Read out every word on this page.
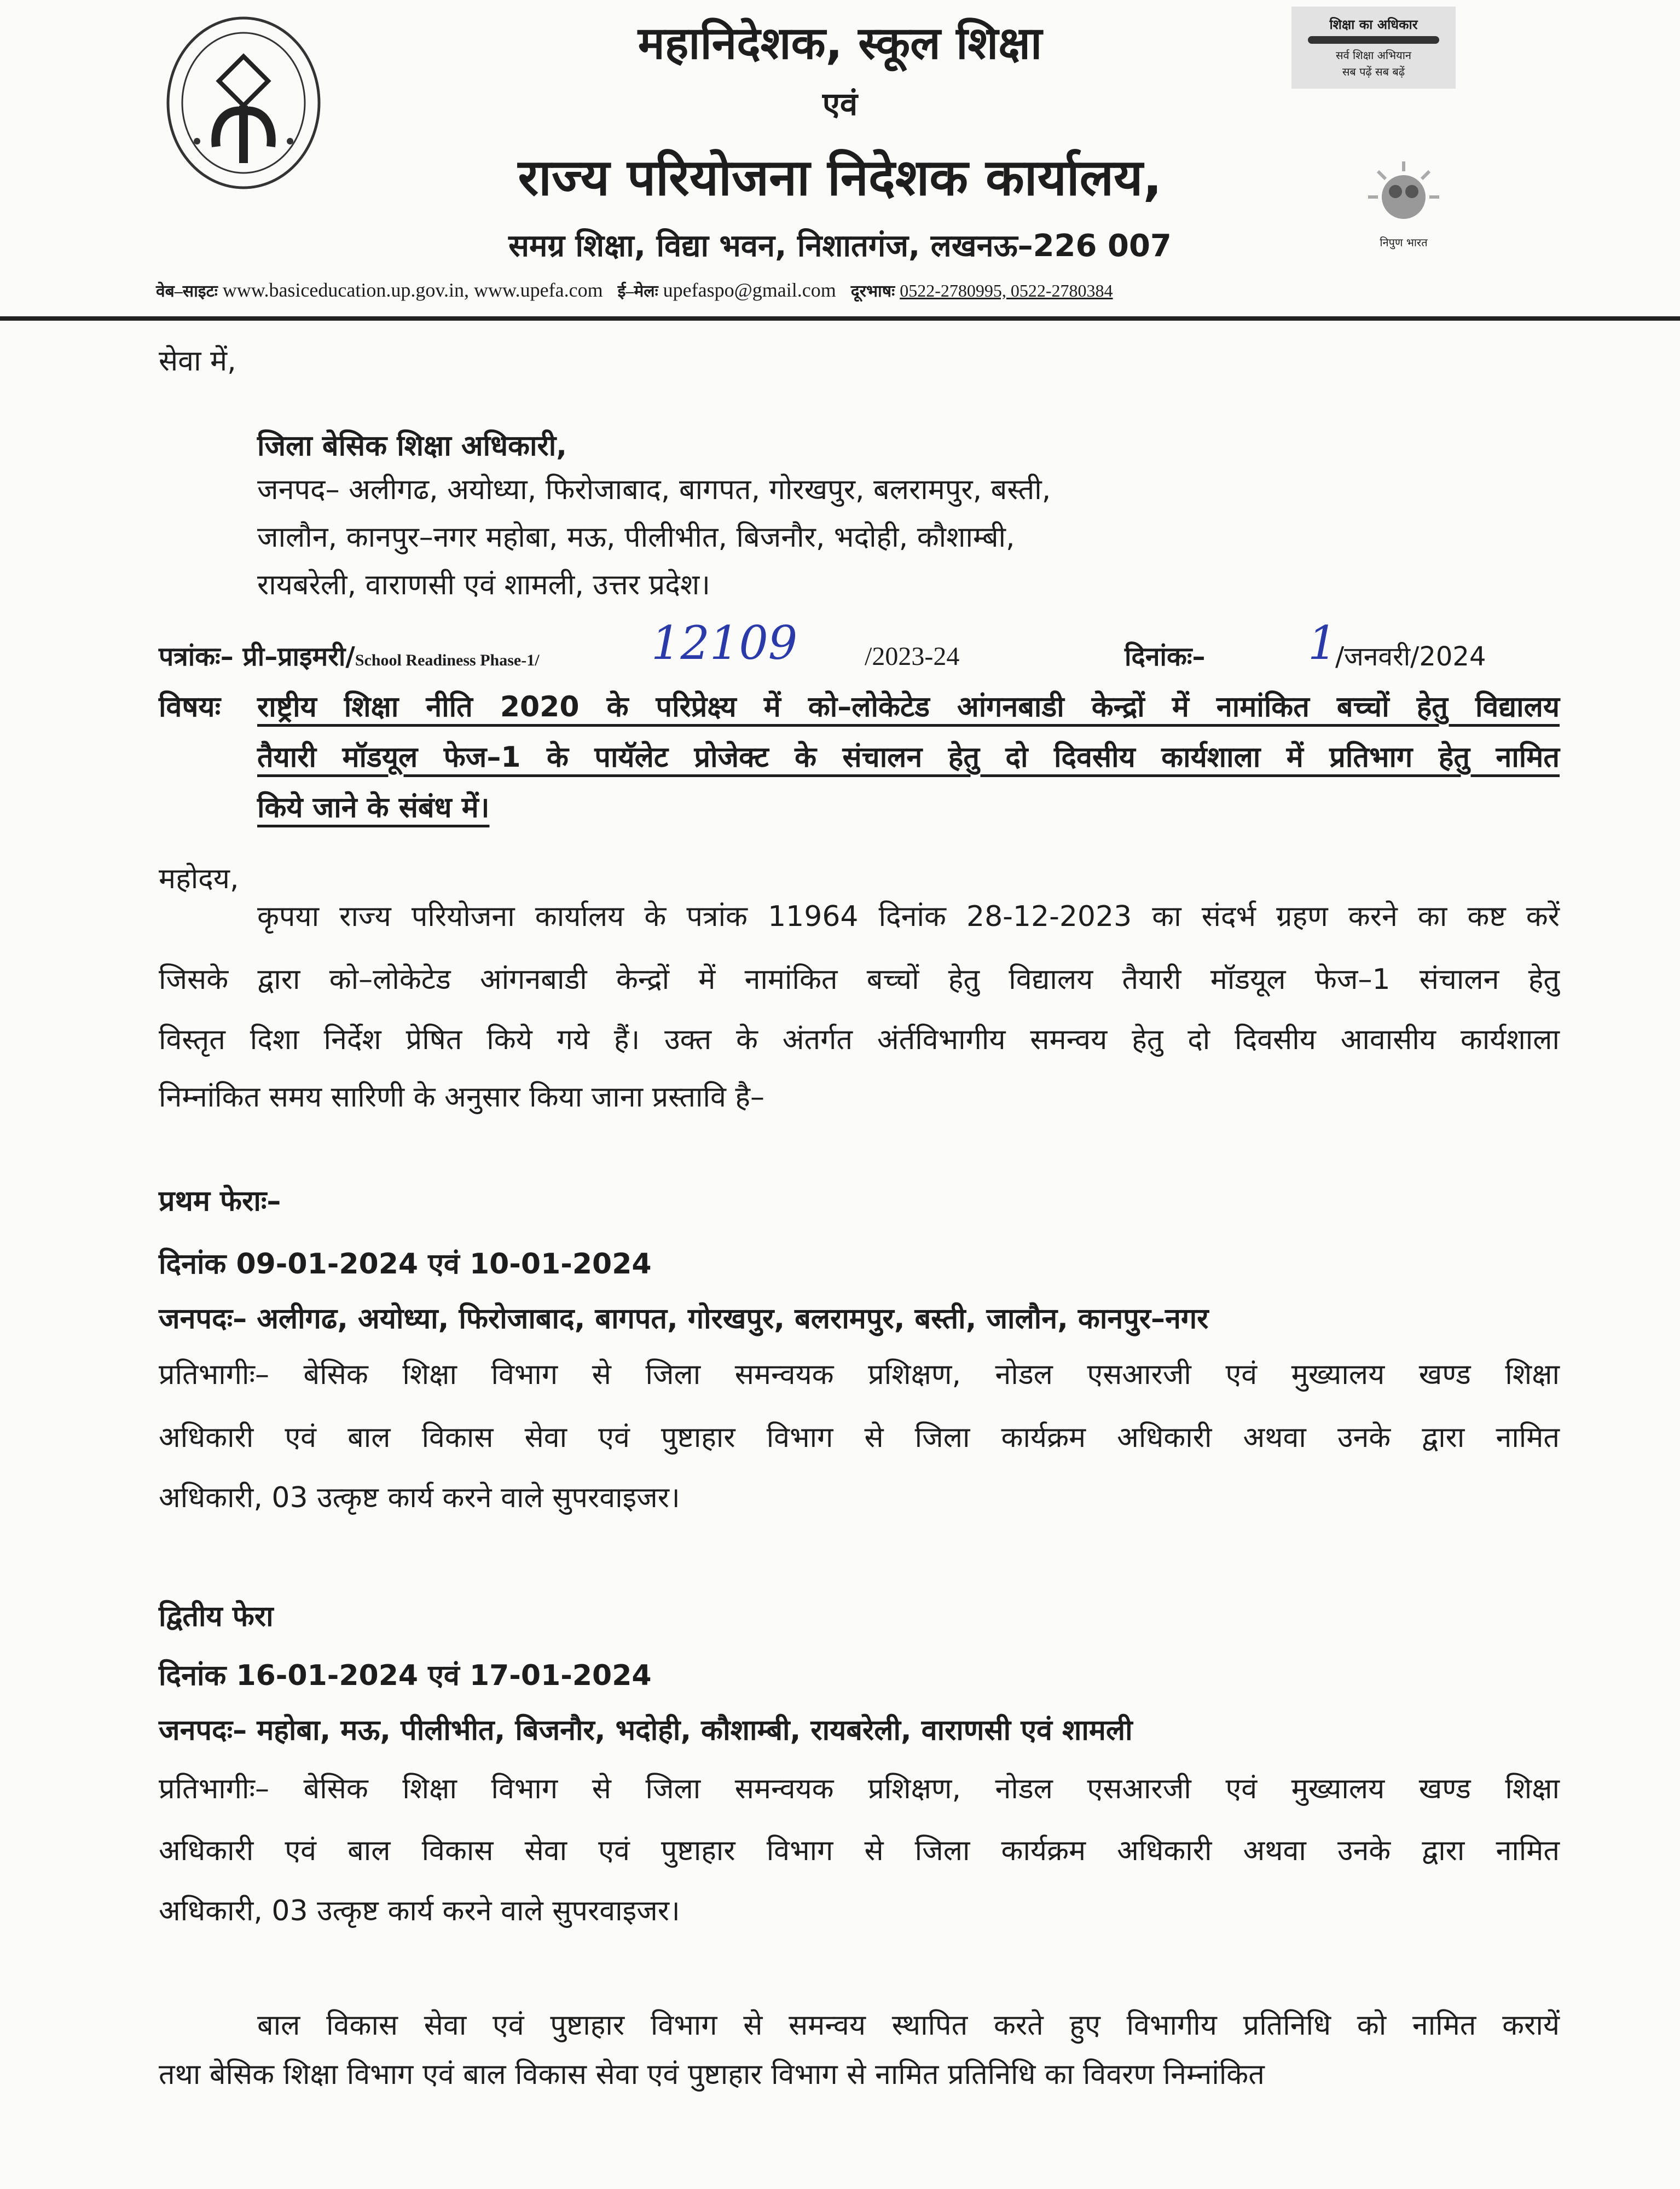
शिक्षा का अधिकार
सर्व शिक्षा अभियान
सब पढ़ें सब बढ़ें
निपुण भारत
महानिदेशक, स्कूल शिक्षा
एवं
राज्य परियोजना निदेशक कार्यालय,
समग्र शिक्षा, विद्या भवन, निशातगंज, लखनऊ–226 007
वेब–साइटः www.basiceducation.up.gov.in, www.upefa.com ई–मेलः upefaspo@gmail.com दूरभाषः 0522-2780995, 0522-2780384
सेवा में,
जिला बेसिक शिक्षा अधिकारी,
जनपद– अलीगढ, अयोध्या, फिरोजाबाद, बागपत, गोरखपुर, बलरामपुर, बस्ती,
जालौन, कानपुर–नगर महोबा, मऊ, पीलीभीत, बिजनौर, भदोही, कौशाम्बी,
रायबरेली, वाराणसी एवं शामली, उत्तर प्रदेश।
पत्रांकः– प्री–प्राइमरी/School Readiness Phase-1/ 12109	/2023-24	दिनांकः– 1
/जनवरी/2024
विषयः राष्ट्रीय शिक्षा नीति 2020 के परिप्रेक्ष्य में को–लोकेटेड आंगनबाडी केन्द्रों में नामांकित बच्चों हेतु विद्यालय
तैयारी मॉडयूल फेज–1 के पायॅलेट प्रोजेक्ट के संचालन हेतु दो दिवसीय कार्यशाला में प्रतिभाग हेतु नामित
किये जाने के संबंध में।
महोदय,
कृपया राज्य परियोजना कार्यालय के पत्रांक 11964 दिनांक 28-12-2023 का संदर्भ ग्रहण करने का कष्ट करें
जिसके द्वारा को–लोकेटेड आंगनबाडी केन्द्रों में नामांकित बच्चों हेतु विद्यालय तैयारी मॉडयूल फेज–1 संचालन हेतु
विस्तृत दिशा निर्देश प्रेषित किये गये हैं। उक्त के अंतर्गत अंर्तविभागीय समन्वय हेतु दो दिवसीय आवासीय कार्यशाला
निम्नांकित समय सारिणी के अनुसार किया जाना प्रस्तावि है–
प्रथम फेराः–
दिनांक 09-01-2024 एवं 10-01-2024
जनपदः– अलीगढ, अयोध्या, फिरोजाबाद, बागपत, गोरखपुर, बलरामपुर, बस्ती, जालौन, कानपुर–नगर
प्रतिभागीः– बेसिक शिक्षा विभाग से जिला समन्वयक प्रशिक्षण, नोडल एसआरजी एवं मुख्यालय खण्ड शिक्षा
अधिकारी एवं बाल विकास सेवा एवं पुष्टाहार विभाग से जिला कार्यक्रम अधिकारी अथवा उनके द्वारा नामित
अधिकारी, 03 उत्कृष्ट कार्य करने वाले सुपरवाइजर।
द्वितीय फेरा
दिनांक 16-01-2024 एवं 17-01-2024
जनपदः– महोबा, मऊ, पीलीभीत, बिजनौर, भदोही, कौशाम्बी, रायबरेली, वाराणसी एवं शामली
प्रतिभागीः– बेसिक शिक्षा विभाग से जिला समन्वयक प्रशिक्षण, नोडल एसआरजी एवं मुख्यालय खण्ड शिक्षा
अधिकारी एवं बाल विकास सेवा एवं पुष्टाहार विभाग से जिला कार्यक्रम अधिकारी अथवा उनके द्वारा नामित
अधिकारी, 03 उत्कृष्ट कार्य करने वाले सुपरवाइजर।
बाल विकास सेवा एवं पुष्टाहार विभाग से समन्वय स्थापित करते हुए विभागीय प्रतिनिधि को नामित करायें
तथा बेसिक शिक्षा विभाग एवं बाल विकास सेवा एवं पुष्टाहार विभाग से नामित प्रतिनिधि का विवरण निम्नांकित
